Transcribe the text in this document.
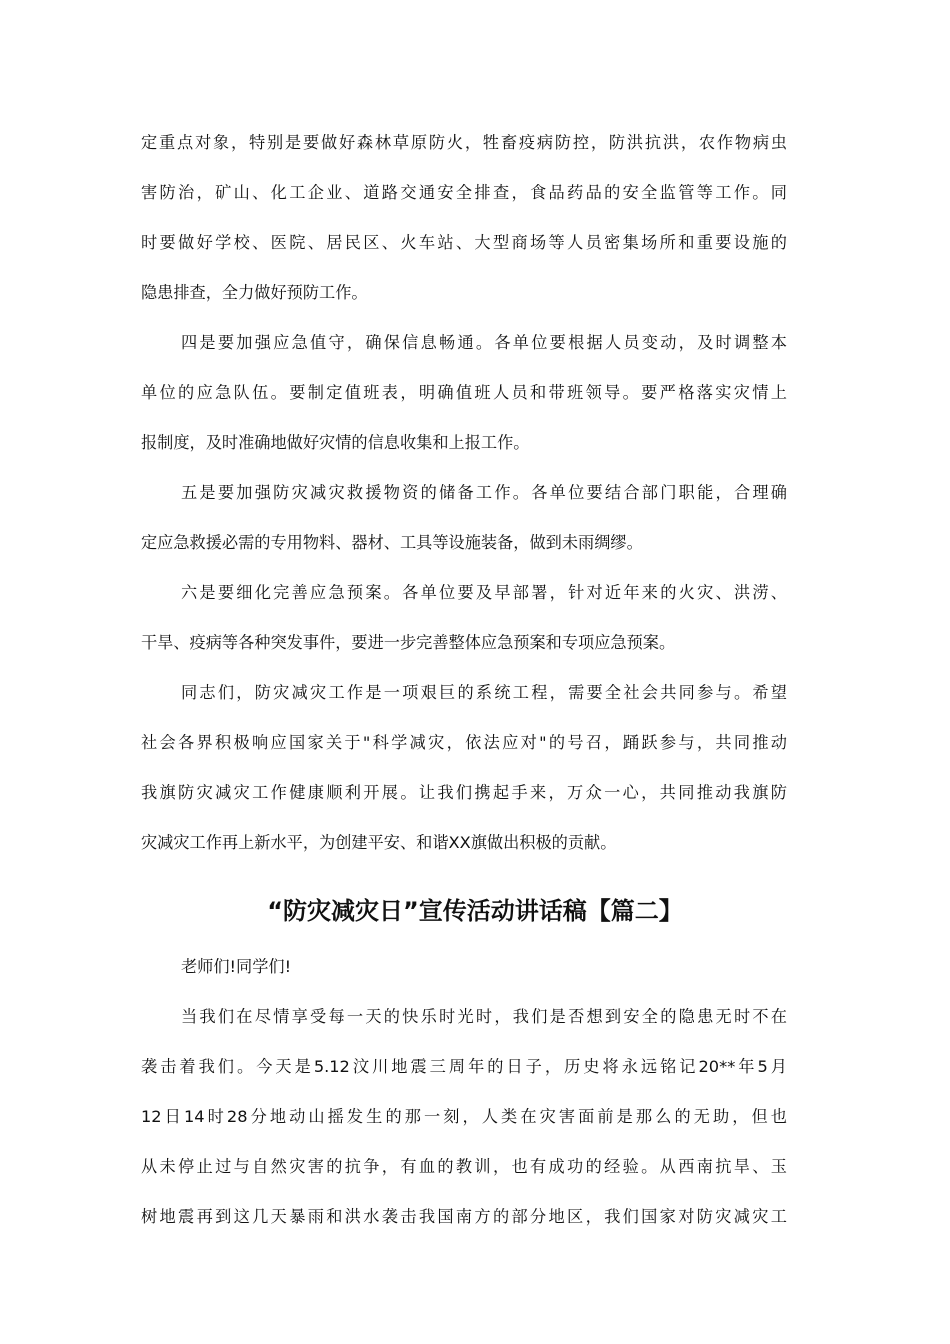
定重点对象，特别是要做好森林草原防火，牲畜疫病防控，防洪抗洪，农作物病虫
害防治，矿山、化工企业、道路交通安全排查，食品药品的安全监管等工作。同
时要做好学校、医院、居民区、火车站、大型商场等人员密集场所和重要设施的
隐患排查，全力做好预防工作。
四是要加强应急值守，确保信息畅通。各单位要根据人员变动，及时调整本
单位的应急队伍。要制定值班表，明确值班人员和带班领导。要严格落实灾情上
报制度，及时准确地做好灾情的信息收集和上报工作。
五是要加强防灾减灾救援物资的储备工作。各单位要结合部门职能，合理确
定应急救援必需的专用物料、器材、工具等设施装备，做到未雨绸缪。
六是要细化完善应急预案。各单位要及早部署，针对近年来的火灾、洪涝、
干旱、疫病等各种突发事件，要进一步完善整体应急预案和专项应急预案。
同志们，防灾减灾工作是一项艰巨的系统工程，需要全社会共同参与。希望
社会各界积极响应国家关于"科学减灾，依法应对"的号召，踊跃参与，共同推动
我旗防灾减灾工作健康顺利开展。让我们携起手来，万众一心，共同推动我旗防
灾减灾工作再上新水平，为创建平安、和谐XX旗做出积极的贡献。
“防灾减灾日”宣传活动讲话稿【篇二】
老师们!同学们!
当我们在尽情享受每一天的快乐时光时，我们是否想到安全的隐患无时不在
袭击着我们。今天是5.12汶川地震三周年的日子，历史将永远铭记20**年5月
12日14时28分地动山摇发生的那一刻，人类在灾害面前是那么的无助，但也
从未停止过与自然灾害的抗争，有血的教训，也有成功的经验。从西南抗旱、玉
树地震再到这几天暴雨和洪水袭击我国南方的部分地区，我们国家对防灾减灾工
